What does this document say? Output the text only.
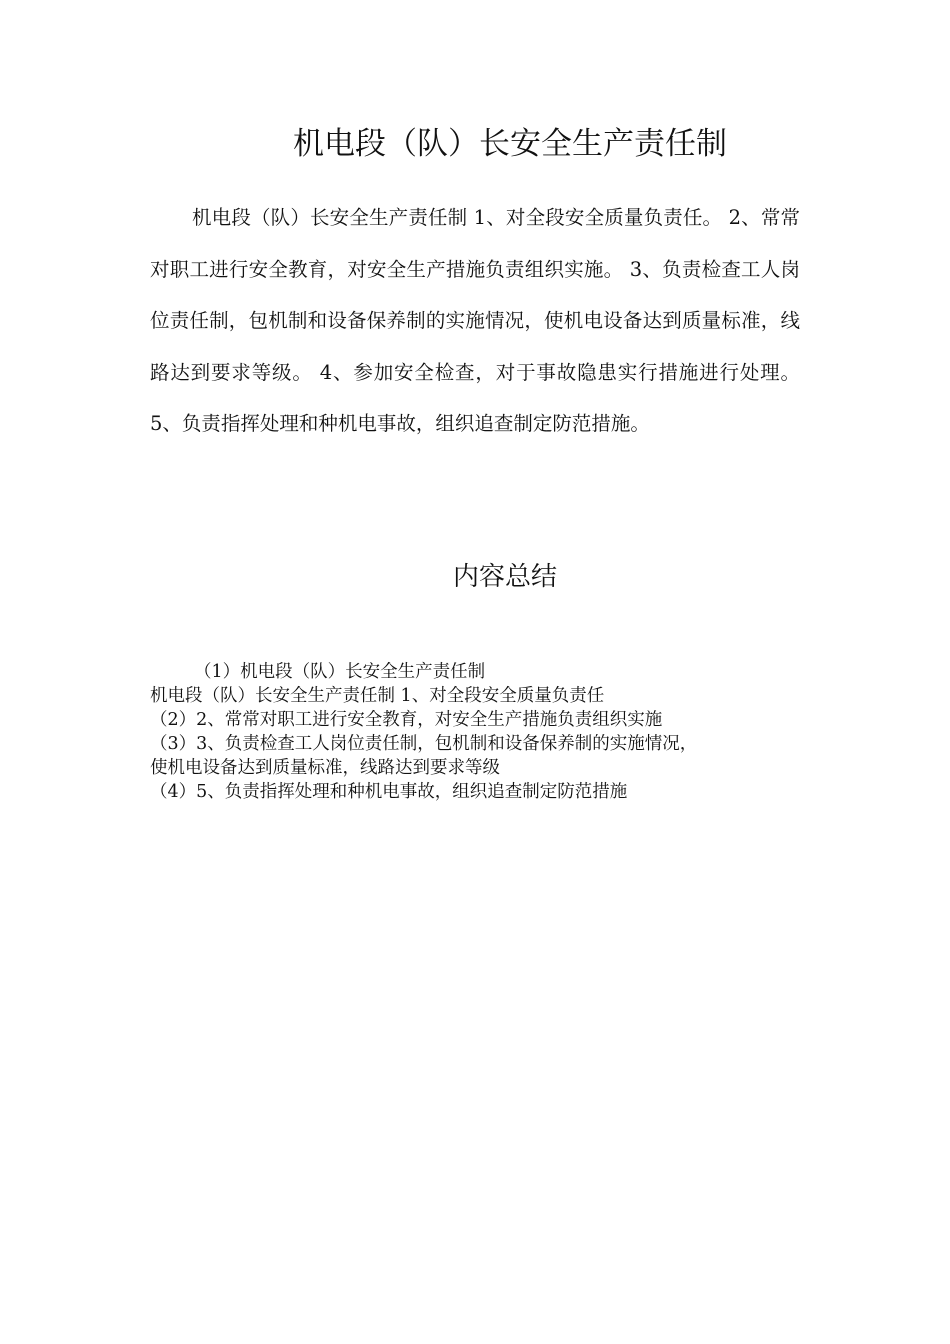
机电段（队）长安全生产责任制

机电段（队）长安全生产责任制 1、对全段安全质量负责任。 2、常常对职工进行安全教育，对安全生产措施负责组织实施。 3、负责检查工人岗位责任制，包机制和设备保养制的实施情况，使机电设备达到质量标准，线路达到要求等级。 4、参加安全检查，对于事故隐患实行措施进行处理。 5、负责指挥处理和种机电事故，组织追查制定防范措施。

内容总结
（1）机电段（队）长安全生产责任制
机电段（队）长安全生产责任制 1、对全段安全质量负责任
（2）2、常常对职工进行安全教育，对安全生产措施负责组织实施
（3）3、负责检查工人岗位责任制，包机制和设备保养制的实施情况，
使机电设备达到质量标准，线路达到要求等级
（4）5、负责指挥处理和种机电事故，组织追查制定防范措施
